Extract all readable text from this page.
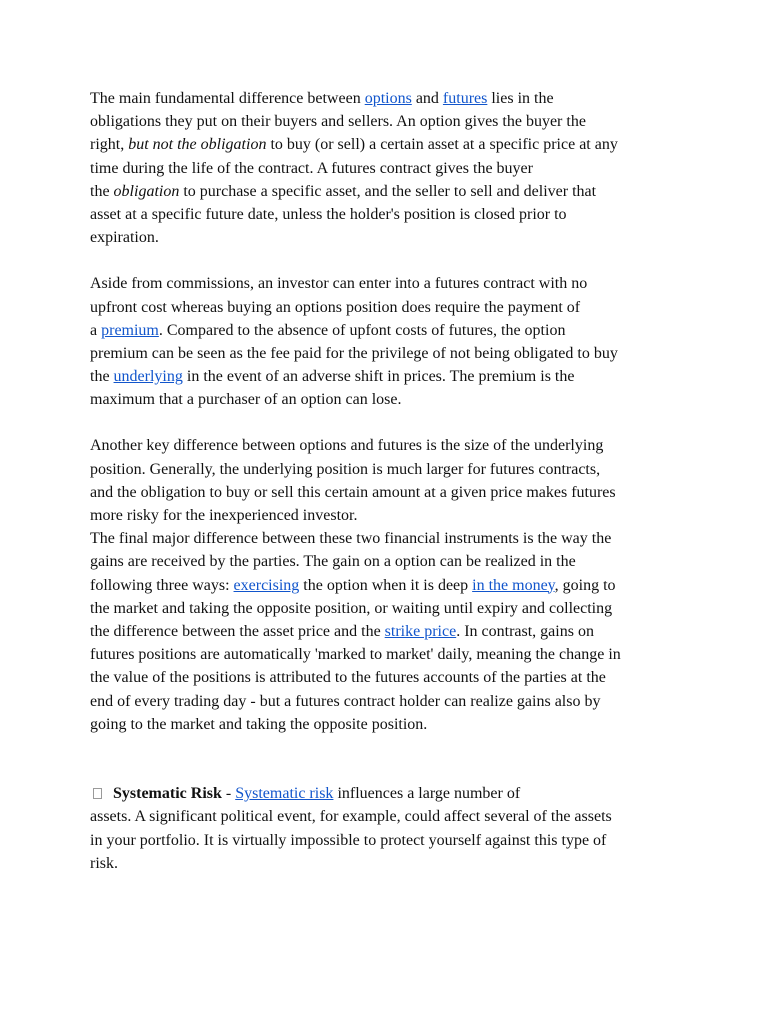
The main fundamental difference between options and futures lies in the
obligations they put on their buyers and sellers. An option gives the buyer the
right, but not the obligation to buy (or sell) a certain asset at a specific price at any
time during the life of the contract. A futures contract gives the buyer
the obligation to purchase a specific asset, and the seller to sell and deliver that
asset at a specific future date, unless the holder's position is closed prior to
expiration.
Aside from commissions, an investor can enter into a futures contract with no
upfront cost whereas buying an options position does require the payment of
a premium. Compared to the absence of upfont costs of futures, the option
premium can be seen as the fee paid for the privilege of not being obligated to buy
the underlying in the event of an adverse shift in prices. The premium is the
maximum that a purchaser of an option can lose.
Another key difference between options and futures is the size of the underlying
position. Generally, the underlying position is much larger for futures contracts,
and the obligation to buy or sell this certain amount at a given price makes futures
more risky for the inexperienced investor.
The final major difference between these two financial instruments is the way the
gains are received by the parties. The gain on a option can be realized in the
following three ways: exercising the option when it is deep in the money, going to
the market and taking the opposite position, or waiting until expiry and collecting
the difference between the asset price and the strike price. In contrast, gains on
futures positions are automatically 'marked to market' daily, meaning the change in
the value of the positions is attributed to the futures accounts of the parties at the
end of every trading day - but a futures contract holder can realize gains also by
going to the market and taking the opposite position.
Systematic Risk - Systematic risk influences a large number of
assets. A significant political event, for example, could affect several of the assets
in your portfolio. It is virtually impossible to protect yourself against this type of
risk.
